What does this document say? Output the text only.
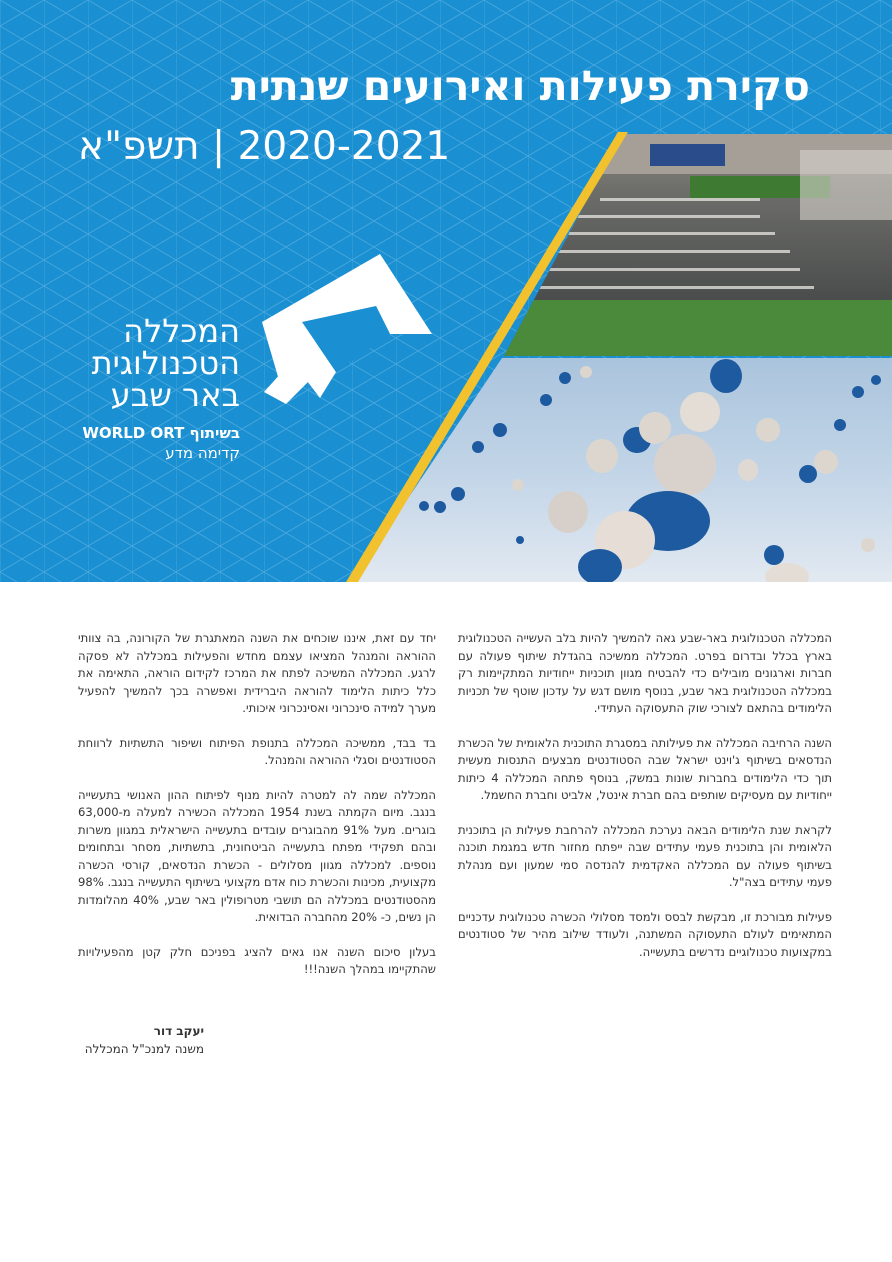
סקירת פעילות ואירועים שנתית
2020-2021 | תשפ"א
המכללה
הטכנולוגית
באר שבע
בשיתוף WORLD ORT
קדימה מדע

המכללה הטכנולוגית באר-שבע גאה להמשיך להיות בלב העשייה הטכנולוגית בארץ בכלל ובדרום בפרט. המכללה ממשיכה בהגדלת שיתוף פעולה עם חברות וארגונים מובילים כדי להבטיח מגוון תוכניות ייחודיות המתקיימות רק במכללה הטכנולוגית באר שבע, בנוסף מושם דגש על עדכון שוטף של תכניות הלימודים בהתאם לצורכי שוק התעסוקה העתידי.

השנה הרחיבה המכללה את פעילותה במסגרת התוכנית הלאומית של הכשרת הנדסאים בשיתוף ג'וינט ישראל שבה הסטודנטים מבצעים התנסות מעשית תוך כדי הלימודים בחברות שונות במשק, בנוסף פתחה המכללה 4 כיתות ייחודיות עם מעסיקים שותפים בהם חברת אינטל, אלביט וחברת החשמל.

לקראת שנת הלימודים הבאה נערכת המכללה להרחבת פעילות הן בתוכנית הלאומית והן בתוכנית פעמי עתידים שבה ייפתח מחזור חדש במגמת תוכנה בשיתוף פעולה עם המכללה האקדמית להנדסה סמי שמעון ועם מנהלת פעמי עתידים בצה"ל.

פעילות מבורכת זו, מבקשת לבסס ולמסד מסלולי הכשרה טכנולוגית עדכניים המתאימים לעולם התעסוקה המשתנה, ולעודד שילוב מהיר של סטודנטים במקצועות טכנולוגיים נדרשים בתעשייה.

יחד עם זאת, איננו שוכחים את השנה המאתגרת של הקורונה, בה צוותי ההוראה והמנהל המציאו עצמם מחדש והפעילות במכללה לא פסקה לרגע. המכללה המשיכה לפתח את המרכז לקידום הוראה, התאימה את כלל כיתות הלימוד להוראה היברידית ואפשרה בכך להמשיך להפעיל מערך למידה סינכרוני ואסינכרוני איכותי.

בד בבד, ממשיכה המכללה בתנופת הפיתוח ושיפור התשתיות לרווחת הסטודנטים וסגלי ההוראה והמנהל.

המכללה שמה לה למטרה להיות מנוף לפיתוח ההון האנושי בתעשייה בנגב. מיום הקמתה בשנת 1954 המכללה הכשירה למעלה מ-63,000 בוגרים. מעל 91% מהבוגרים עובדים בתעשייה הישראלית במגוון משרות ובהם תפקידי מפתח בתעשייה הביטחונית, בתשתיות, מסחר ובתחומים נוספים. למכללה מגוון מסלולים - הכשרת הנדסאים, קורסי הכשרה מקצועית, מכינות והכשרת כוח אדם מקצועי בשיתוף התעשייה בנגב. 98% מהסטודנטים במכללה הם תושבי מטרופולין באר שבע, 40% מהלומדות הן נשים, כ- 20% מהחברה הבדואית.

בעלון סיכום השנה אנו גאים להציג בפניכם חלק קטן מהפעילויות שהתקיימו במהלך השנה!!!

יעקב דור
משנה למנכ"ל המכללה
